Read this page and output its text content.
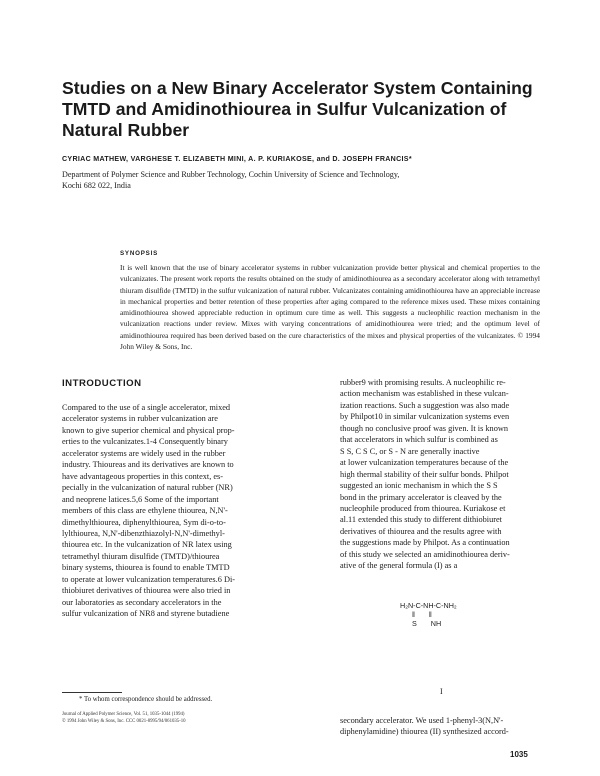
Studies on a New Binary Accelerator System Containing
TMTD and Amidinothiourea in Sulfur Vulcanization of
Natural Rubber

CYRIAC MATHEW, VARGHESE T. ELIZABETH MINI, A. P. KURIAKOSE, and D. JOSEPH FRANCIS*

Department of Polymer Science and Rubber Technology, Cochin University of Science and Technology,
Kochi 682 022, India

SYNOPSIS

It is well known that the use of binary accelerator systems in rubber vulcanization provide better physical and chemical properties to the vulcanizates. The present work reports the results obtained on the study of amidinothiourea as a secondary accelerator along with tetramethyl thiuram disulfide (TMTD) in the sulfur vulcanization of natural rubber. Vulcanizates containing amidinothiourea have an appreciable increase in mechanical properties and better retention of these properties after aging compared to the reference mixes used. These mixes containing amidinothiourea showed appreciable reduction in optimum cure time as well. This suggests a nucleophilic reaction mechanism in the vulcanization reactions under review. Mixes with varying concentrations of amidinothiourea were tried; and the optimum level of amidinothiourea required has been derived based on the cure characteristics of the mixes and physical properties of the vulcanizates. © 1994 John Wiley & Sons, Inc.

INTRODUCTION
Compared to the use of a single accelerator, mixed
accelerator systems in rubber vulcanization are
known to give superior chemical and physical prop-
erties to the vulcanizates.1-4 Consequently binary
accelerator systems are widely used in the rubber
industry. Thioureas and its derivatives are known to
have advantageous properties in this context, es-
pecially in the vulcanization of natural rubber (NR)
and neoprene latices.5,6 Some of the important
members of this class are ethylene thiourea, N,N'-
dimethylthiourea, diphenylthiourea, Sym di-o-to-
lylthiourea, N,N'-dibenzthiazolyl-N,N'-dimethyl-
thiourea etc. In the vulcanization of NR latex using
tetramethyl thiuram disulfide (TMTD)/thiourea
binary systems, thiourea is found to enable TMTD
to operate at lower vulcanization temperatures.6 Di-
thiobiuret derivatives of thiourea were also tried in
our laboratories as secondary accelerators in the
sulfur vulcanization of NR8 and styrene butadiene
rubber9 with promising results. A nucleophilic re-
action mechanism was established in these vulcan-
ization reactions. Such a suggestion was also made
by Philpot10 in similar vulcanization systems even
though no conclusive proof was given. It is known
that accelerators in which sulfur is combined as
S S, C S C, or S - N are generally inactive
at lower vulcanization temperatures because of the
high thermal stability of their sulfur bonds. Philpot
suggested an ionic mechanism in which the S S
bond in the primary accelerator is cleaved by the
nucleophile produced from thiourea. Kuriakose et
al.11 extended this study to different dithiobiuret
derivatives of thiourea and the results agree with
the suggestions made by Philpot. As a continuation
of this study we selected an amidinothiourea deriv-
ative of the general formula (I) as a
H₂N-C-NH-C-NH₂
‖       ‖
S       NH

I

secondary accelerator. We used 1-phenyl-3(N,N'-
diphenylamidine) thiourea (II) synthesized accord-

* To whom correspondence should be addressed.

Journal of Applied Polymer Science, Vol. 51, 1035-1044 (1994)
© 1994 John Wiley & Sons, Inc. CCC 0021-8995/94/061035-10

1035
